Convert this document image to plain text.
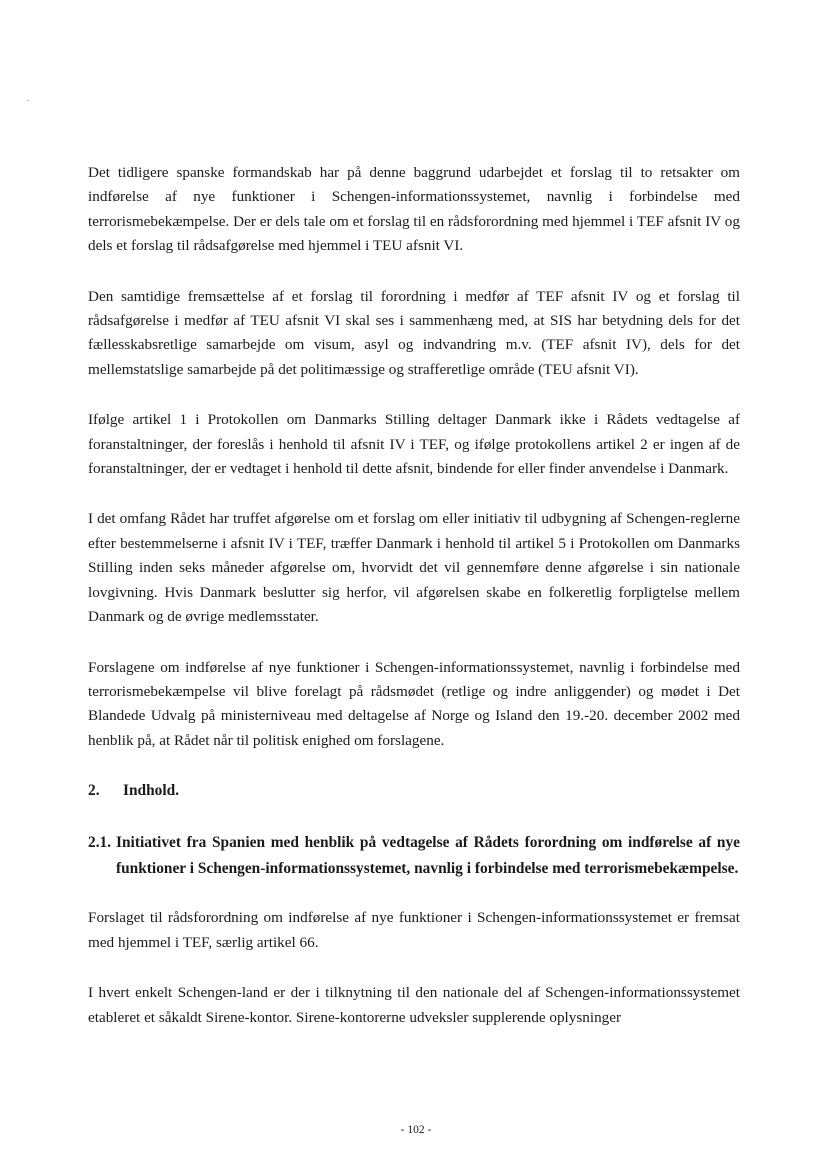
Det tidligere spanske formandskab har på denne baggrund udarbejdet et forslag til to retsakter om indførelse af nye funktioner i Schengen-informationssystemet, navnlig i forbindelse med terrorismebekæmpelse. Der er dels tale om et forslag til en rådsforordning med hjemmel i TEF afsnit IV og dels et forslag til rådsafgørelse med hjemmel i TEU afsnit VI.

Den samtidige fremsættelse af et forslag til forordning i medfør af TEF afsnit IV og et forslag til rådsafgørelse i medfør af TEU afsnit VI skal ses i sammenhæng med, at SIS har betydning dels for det fællesskabsretlige samarbejde om visum, asyl og indvandring m.v. (TEF afsnit IV), dels for det mellemstatslige samarbejde på det politimæssige og strafferetlige område (TEU afsnit VI).

Ifølge artikel 1 i Protokollen om Danmarks Stilling deltager Danmark ikke i Rådets vedtagelse af foranstaltninger, der foreslås i henhold til afsnit IV i TEF, og ifølge protokollens artikel 2 er ingen af de foranstaltninger, der er vedtaget i henhold til dette afsnit, bindende for eller finder anvendelse i Danmark.

I det omfang Rådet har truffet afgørelse om et forslag om eller initiativ til udbygning af Schengen-reglerne efter bestemmelserne i afsnit IV i TEF, træffer Danmark i henhold til artikel 5 i Protokollen om Danmarks Stilling inden seks måneder afgørelse om, hvorvidt det vil gennemføre denne afgørelse i sin nationale lovgivning. Hvis Danmark beslutter sig herfor, vil afgørelsen skabe en folkeretlig forpligtelse mellem Danmark og de øvrige medlemsstater.

Forslagene om indførelse af nye funktioner i Schengen-informationssystemet, navnlig i forbindelse med terrorismebekæmpelse vil blive forelagt på rådsmødet (retlige og indre anliggender) og mødet i Det Blandede Udvalg på ministerniveau med deltagelse af Norge og Island den 19.-20. december 2002 med henblik på, at Rådet når til politisk enighed om forslagene.

2. Indhold.
2.1. Initiativet fra Spanien med henblik på vedtagelse af Rådets forordning om indførelse af nye funktioner i Schengen-informationssystemet, navnlig i forbindelse med terrorismebekæmpelse.

Forslaget til rådsforordning om indførelse af nye funktioner i Schengen-informationssystemet er fremsat med hjemmel i TEF, særlig artikel 66.

I hvert enkelt Schengen-land er der i tilknytning til den nationale del af Schengen-informationssystemet etableret et såkaldt Sirene-kontor. Sirene-kontorerne udveksler supplerende oplysninger

- 102 -
